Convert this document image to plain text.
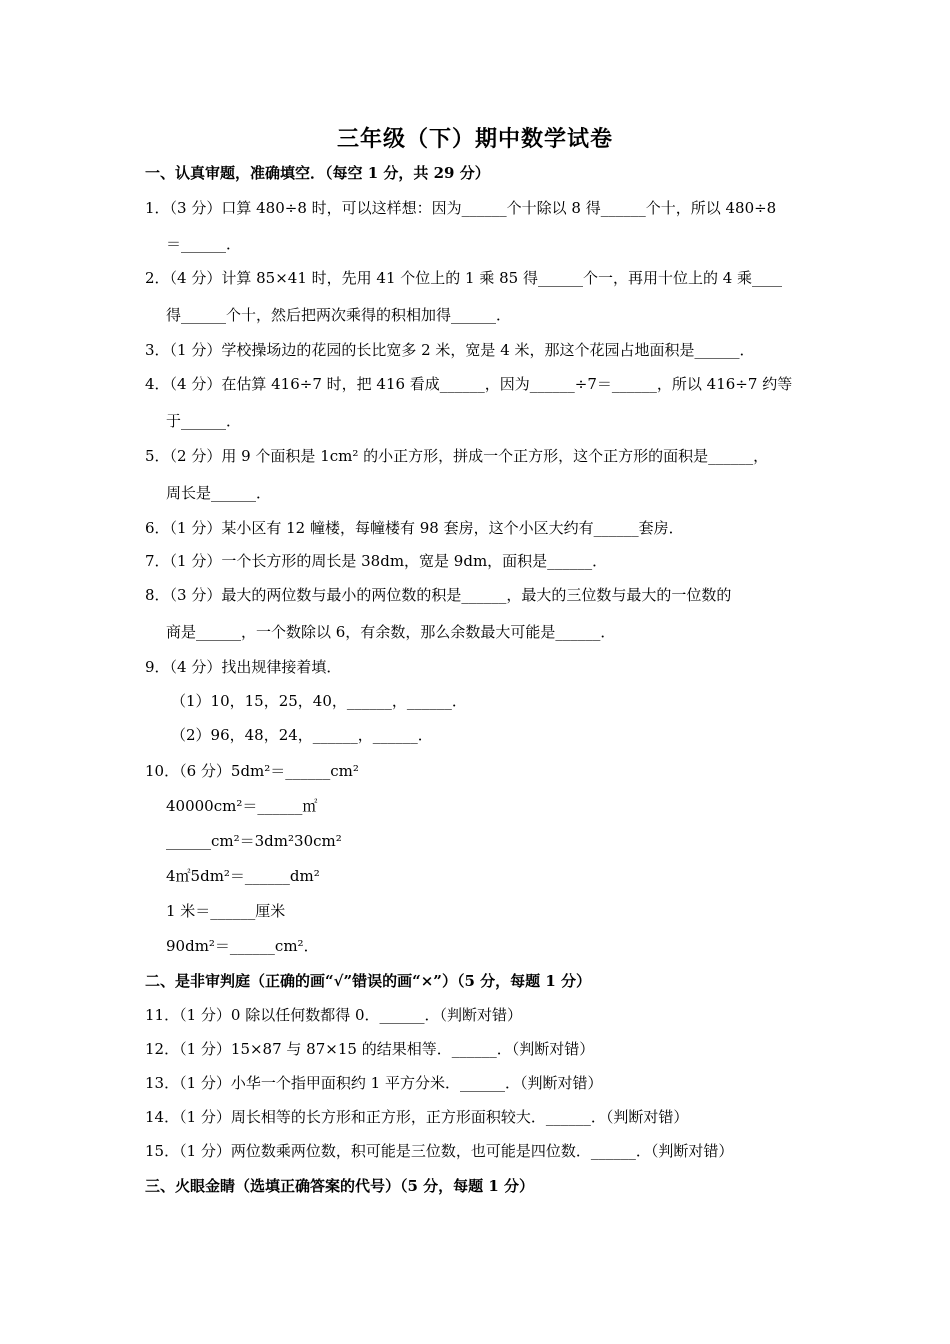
三年级（下）期中数学试卷
一、认真审题，准确填空．（每空 1 分，共 29 分）
1．（3 分）口算 480÷8 时，可以这样想：因为______个十除以 8 得______个十，所以 480÷8
＝______．
2．（4 分）计算 85×41 时，先用 41 个位上的 1 乘 85 得______个一，再用十位上的 4 乘____
得______个十，然后把两次乘得的积相加得______．
3．（1 分）学校操场边的花园的长比宽多 2 米，宽是 4 米，那这个花园占地面积是______．
4．（4 分）在估算 416÷7 时，把 416 看成______，因为______÷7＝______，所以 416÷7 约等
于______．
5．（2 分）用 9 个面积是 1cm² 的小正方形，拼成一个正方形，这个正方形的面积是______，
周长是______．
6．（1 分）某小区有 12 幢楼，每幢楼有 98 套房，这个小区大约有______套房．
7．（1 分）一个长方形的周长是 38dm，宽是 9dm，面积是______．
8．（3 分）最大的两位数与最小的两位数的积是______，最大的三位数与最大的一位数的
商是______，一个数除以 6，有余数，那么余数最大可能是______．
9．（4 分）找出规律接着填．
（1）10，15，25，40，______，______．
（2）96，48，24，______，______．
10．（6 分）5dm²＝______cm²
40000cm²＝______㎡
______cm²＝3dm²30cm²
4㎡5dm²＝______dm²
1 米＝______厘米
90dm²＝______cm²．
二、是非审判庭（正确的画“√”错误的画“×”）（5 分，每题 1 分）
11．（1 分）0 除以任何数都得 0．______．（判断对错）
12．（1 分）15×87 与 87×15 的结果相等．______．（判断对错）
13．（1 分）小华一个指甲面积约 1 平方分米．______．（判断对错）
14．（1 分）周长相等的长方形和正方形，正方形面积较大．______．（判断对错）
15．（1 分）两位数乘两位数，积可能是三位数，也可能是四位数．______．（判断对错）
三、火眼金睛（选填正确答案的代号）（5 分，每题 1 分）
